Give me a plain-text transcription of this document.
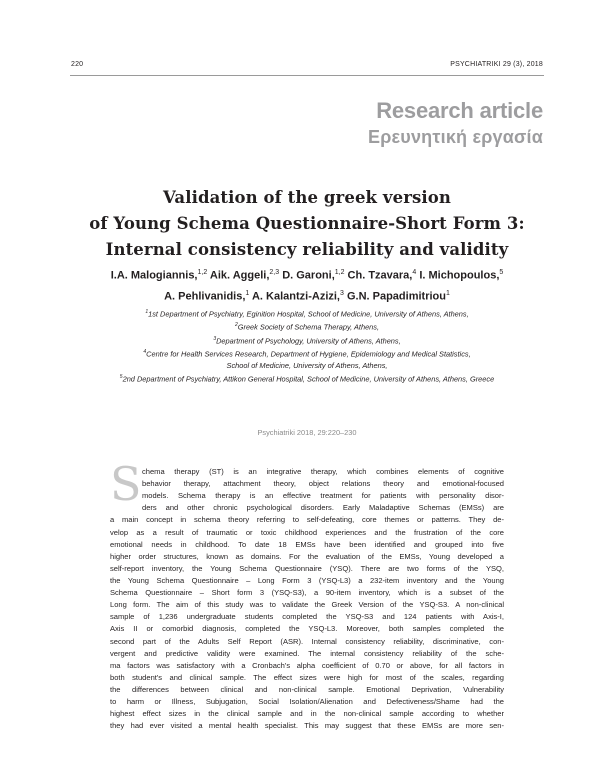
220	PSYCHIATRIKI 29 (3), 2018
Research article
Ερευνητική εργασία
Validation of the greek version
of Young Schema Questionnaire-Short Form 3:
Internal consistency reliability and validity
I.A. Malogiannis,$^{1,2}$ Aik. Aggeli,$^{2,3}$ D. Garoni,$^{1,2}$ Ch. Tzavara,$^4$ I. Michopoulos,$^5$
A. Pehlivanidis,$^1$ A. Kalantzi-Azizi,$^3$ G.N. Papadimitriou$^1$
$^1$1st Department of Psychiatry, Eginition Hospital, School of Medicine, University of Athens, Athens,
$^2$Greek Society of Schema Therapy, Athens,
$^3$Department of Psychology, University of Athens, Athens,
$^4$Centre for Health Services Research, Department of Hygiene, Epidemiology and Medical Statistics,
School of Medicine, University of Athens, Athens,
$^5$2nd Department of Psychiatry, Attikon General Hospital, School of Medicine, University of Athens, Athens, Greece
Psychiatriki 2018, 29:220–230
S chema therapy (ST) is an integrative therapy, which combines elements of cognitive
behavior therapy, attachment theory, object relations theory and emotional-focused
models. Schema therapy is an effective treatment for patients with personality disor-
ders and other chronic psychological disorders. Early Maladaptive Schemas (EMSs) are
a main concept in schema theory referring to self-defeating, core themes or patterns. They de-
velop as a result of traumatic or toxic childhood experiences and the frustration of the core
emotional needs in childhood. To date 18 EMSs have been identified and grouped into five
higher order structures, known as domains. For the evaluation of the EMSs, Young developed a
self-report inventory, the Young Schema Questionnaire (YSQ). There are two forms of the YSQ,
the Young Schema Questionnaire – Long Form 3 (YSQ-L3) a 232-item inventory and the Young
Schema Questionnaire – Short form 3 (YSQ-S3), a 90-item inventory, which is a subset of the
Long form. The aim of this study was to validate the Greek Version of the YSQ-S3. A non-clinical
sample of 1,236 undergraduate students completed the YSQ-S3 and 124 patients with Axis-I,
Axis II or comorbid diagnosis, completed the YSQ-L3. Moreover, both samples completed the
second part of the Adults Self Report (ASR). Internal consistency reliability, discriminative, con-
vergent and predictive validity were examined. The internal consistency reliability of the sche-
ma factors was satisfactory with a Cronbach's alpha coefficient of 0.70 or above, for all factors in
both student's and clinical sample. The effect sizes were high for most of the scales, regarding
the differences between clinical and non-clinical sample. Emotional Deprivation, Vulnerability
to harm or Illness, Subjugation, Social Isolation/Alienation and Defectiveness/Shame had the
highest effect sizes in the clinical sample and in the non-clinical sample according to whether
they had ever visited a mental health specialist. This may suggest that these EMSs are more sen-
